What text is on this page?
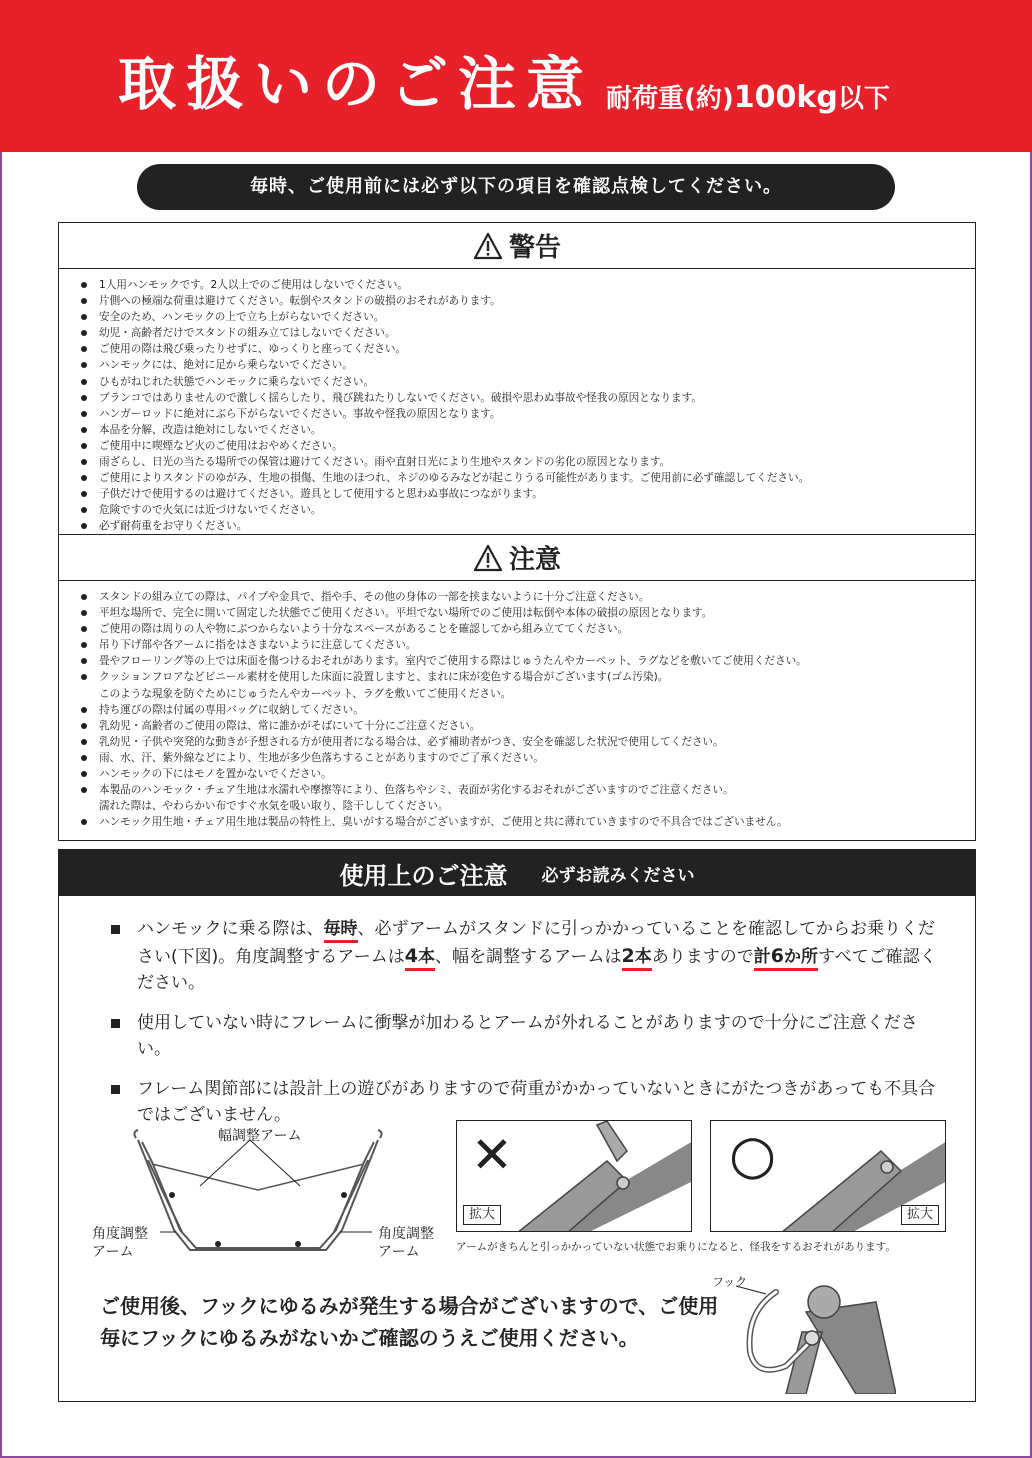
取扱いのご注意 耐荷重(約)100kg以下
毎時、ご使用前には必ず以下の項目を確認点検してください。
警告
1人用ハンモックです。2人以上でのご使用はしないでください。
片側への極端な荷重は避けてください。転倒やスタンドの破損のおそれがあります。
安全のため、ハンモックの上で立ち上がらないでください。
幼児・高齢者だけでスタンドの組み立てはしないでください。
ご使用の際は飛び乗ったりせずに、ゆっくりと座ってください。
ハンモックには、絶対に足から乗らないでください。
ひもがねじれた状態でハンモックに乗らないでください。
ブランコではありませんので激しく揺らしたり、飛び跳ねたりしないでください。破損や思わぬ事故や怪我の原因となります。
ハンガーロッドに絶対にぶら下がらないでください。事故や怪我の原因となります。
本品を分解、改造は絶対にしないでください。
ご使用中に喫煙など火のご使用はおやめください。
雨ざらし、日光の当たる場所での保管は避けてください。雨や直射日光により生地やスタンドの劣化の原因となります。
ご使用によりスタンドのゆがみ、生地の損傷、生地のほつれ、ネジのゆるみなどが起こりうる可能性があります。ご使用前に必ず確認してください。
子供だけで使用するのは避けてください。遊具として使用すると思わぬ事故につながります。
危険ですので火気には近づけないでください。
必ず耐荷重をお守りください。
注意
スタンドの組み立ての際は、パイプや金具で、指や手、その他の身体の一部を挟まないように十分ご注意ください。
平坦な場所で、完全に開いて固定した状態でご使用ください。平坦でない場所でのご使用は転倒や本体の破損の原因となります。
ご使用の際は周りの人や物にぶつからないよう十分なスペースがあることを確認してから組み立ててください。
吊り下げ部や各アームに指をはさまないように注意してください。
畳やフローリング等の上では床面を傷つけるおそれがあります。室内でご使用する際はじゅうたんやカーペット、ラグなどを敷いてご使用ください。
クッションフロアなどビニール素材を使用した床面に設置しますと、まれに床が変色する場合がございます(ゴム汚染)。
このような現象を防ぐためにじゅうたんやカーペット、ラグを敷いてご使用ください。
持ち運びの際は付属の専用バッグに収納してください。
乳幼児・高齢者のご使用の際は、常に誰かがそばにいて十分にご注意ください。
乳幼児・子供や突発的な動きが予想される方が使用者になる場合は、必ず補助者がつき、安全を確認した状況で使用してください。
雨、水、汗、紫外線などにより、生地が多少色落ちすることがありますのでご了承ください。
ハンモックの下にはモノを置かないでください。
本製品のハンモック・チェア生地は水濡れや摩擦等により、色落ちやシミ、表面が劣化するおそれがございますのでご注意ください。
濡れた際は、やわらかい布ですぐ水気を吸い取り、陰干ししてください。
ハンモック用生地・チェア用生地は製品の特性上、臭いがする場合がございますが、ご使用と共に薄れていきますので不具合ではございません。
使用上のご注意 必ずお読みください
ハンモックに乗る際は、毎時、必ずアームがスタンドに引っかかっていることを確認してからお乗りください(下図)。角度調整するアームは4本、幅を調整するアームは2本ありますので計6か所すべてご確認ください。
使用していない時にフレームに衝撃が加わるとアームが外れることがありますので十分にご注意ください。
フレーム関節部には設計上の遊びがありますので荷重がかかっていないときにがたつきがあっても不具合ではございません。
幅調整アーム
角度調整
アーム
角度調整
アーム
✕
拡大
○
拡大
アームがきちんと引っかかっていない状態でお乗りになると、怪我をするおそれがあります。
ご使用後、フックにゆるみが発生する場合がございますので、ご使用毎にフックにゆるみがないかご確認のうえご使用ください。
フック
